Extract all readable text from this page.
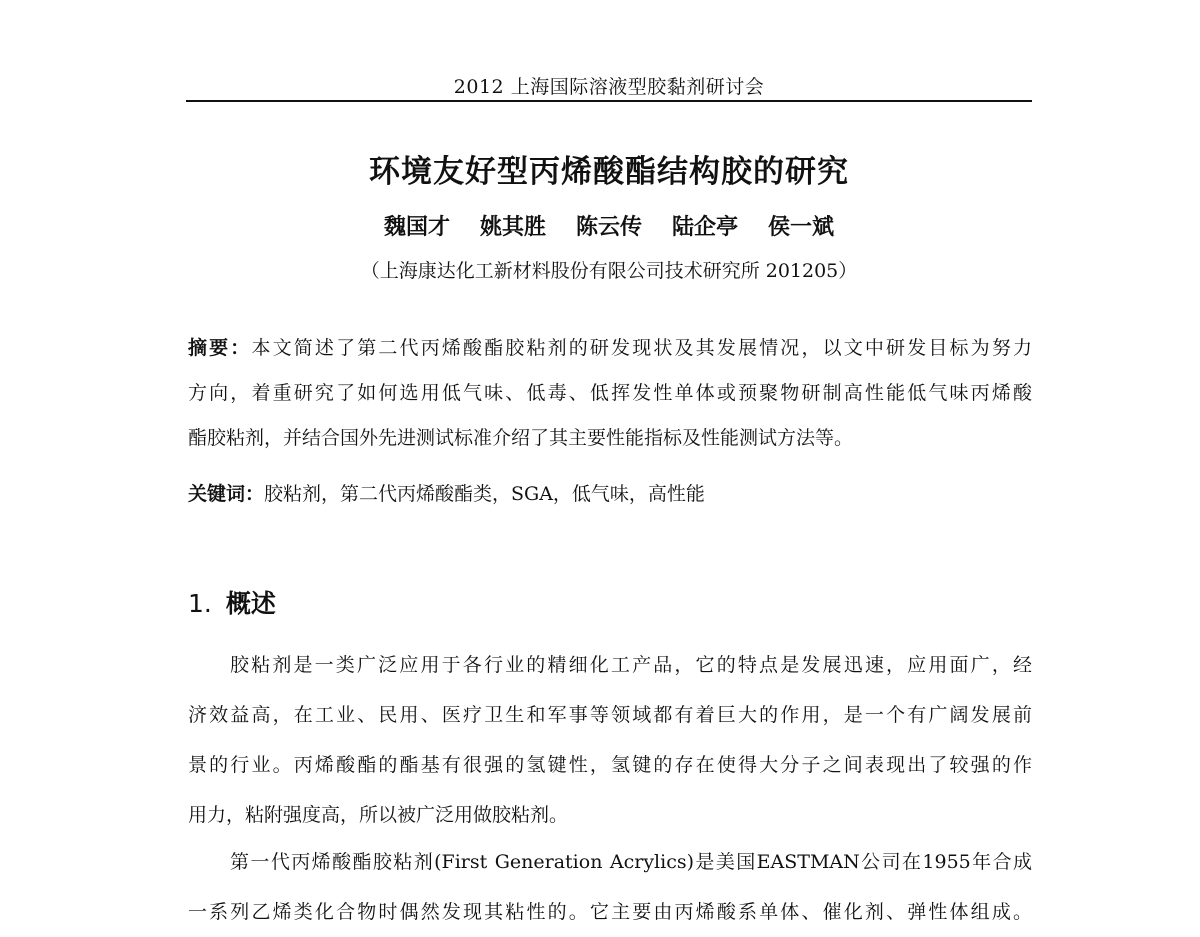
2012 上海国际溶液型胶黏剂研讨会
环境友好型丙烯酸酯结构胶的研究
魏国才 姚其胜 陈云传 陆企亭 侯一斌
（上海康达化工新材料股份有限公司技术研究所 201205）
摘要：本文简述了第二代丙烯酸酯胶粘剂的研发现状及其发展情况，以文中研发目标为努力
方向，着重研究了如何选用低气味、低毒、低挥发性单体或预聚物研制高性能低气味丙烯酸
酯胶粘剂，并结合国外先进测试标准介绍了其主要性能指标及性能测试方法等。
关键词：胶粘剂，第二代丙烯酸酯类，SGA，低气味，高性能
1. 概述
胶粘剂是一类广泛应用于各行业的精细化工产品，它的特点是发展迅速，应用面广，经
济效益高，在工业、民用、医疗卫生和军事等领域都有着巨大的作用，是一个有广阔发展前
景的行业。丙烯酸酯的酯基有很强的氢键性，氢键的存在使得大分子之间表现出了较强的作
用力，粘附强度高，所以被广泛用做胶粘剂。
第一代丙烯酸酯胶粘剂(First Generation Acrylics)是美国EASTMAN公司在1955年合成
一系列乙烯类化合物时偶然发现其粘性的。它主要由丙烯酸系单体、催化剂、弹性体组成。
